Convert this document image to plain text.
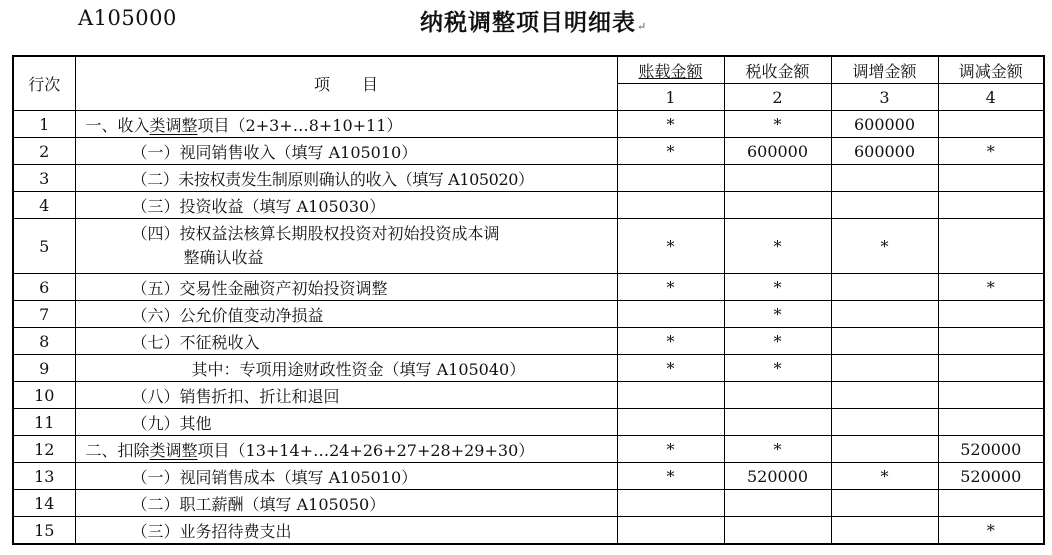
A105000	纳税调整项目明细表↵
行次	项　　目	账载金额	税收金额	调增金额	调减金额
		1	2	3	4
1	一、收入类调整项目（2+3+…8+10+11）	*	*	600000	
2	（一）视同销售收入（填写 A105010）	*	600000	600000	*
3	（二）未按权责发生制原则确认的收入（填写 A105020）				
4	（三）投资收益（填写 A105030）				
5	（四）按权益法核算长期股权投资对初始投资成本调
整确认收益	*	*	*	
6	（五）交易性金融资产初始投资调整	*	*		*
7	（六）公允价值变动净损益		*		
8	（七）不征税收入	*	*		
9	其中：专项用途财政性资金（填写 A105040）	*	*		
10	（八）销售折扣、折让和退回				
11	（九）其他				
12	二、扣除类调整项目（13+14+…24+26+27+28+29+30）	*	*		520000
13	（一）视同销售成本（填写 A105010）	*	520000	*	520000
14	（二）职工薪酬（填写 A105050）				
15	（三）业务招待费支出				*
